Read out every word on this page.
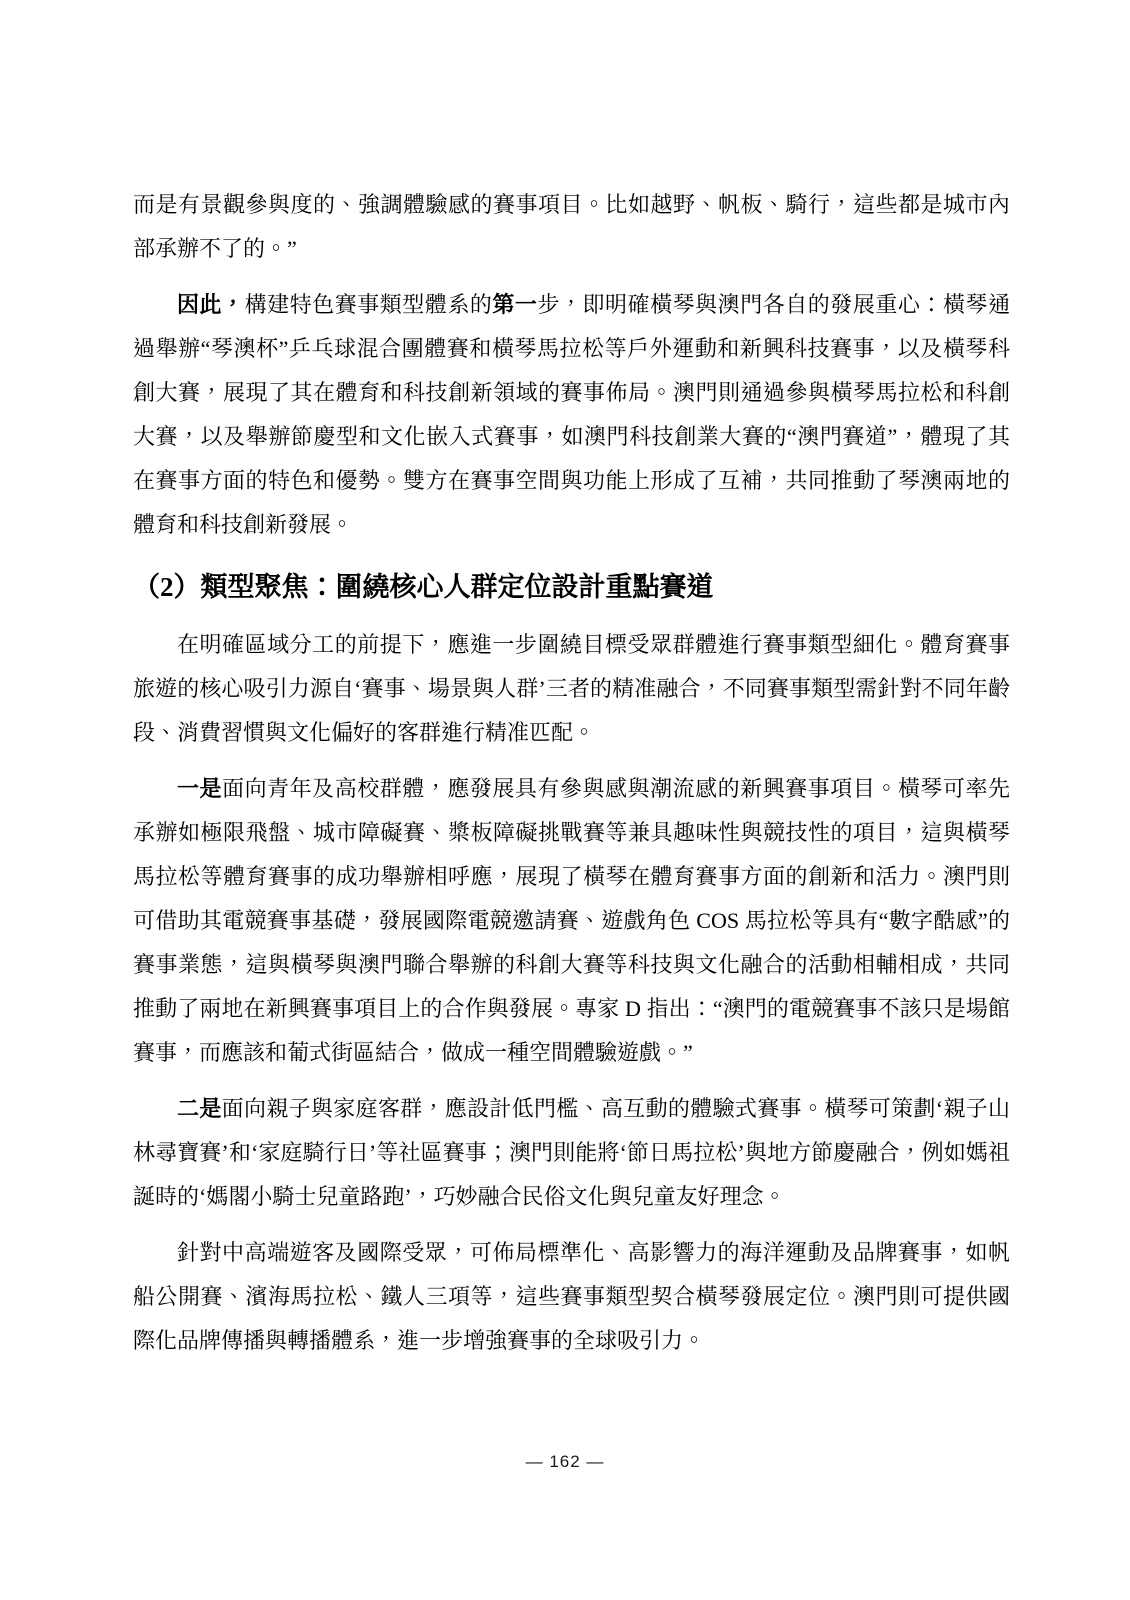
而是有景觀參與度的、強調體驗感的賽事項目。比如越野、帆板、騎行，這些都是城市內部承辦不了的。”

因此，構建特色賽事類型體系的第一步，即明確橫琴與澳門各自的發展重心：橫琴通過舉辦“琴澳杯”乒乓球混合團體賽和橫琴馬拉松等戶外運動和新興科技賽事，以及橫琴科創大賽，展現了其在體育和科技創新領域的賽事佈局。澳門則通過參與橫琴馬拉松和科創大賽，以及舉辦節慶型和文化嵌入式賽事，如澳門科技創業大賽的“澳門賽道”，體現了其在賽事方面的特色和優勢。雙方在賽事空間與功能上形成了互補，共同推動了琴澳兩地的體育和科技創新發展。

（2）類型聚焦：圍繞核心人群定位設計重點賽道

在明確區域分工的前提下，應進一步圍繞目標受眾群體進行賽事類型細化。體育賽事旅遊的核心吸引力源自‘賽事、場景與人群’三者的精准融合，不同賽事類型需針對不同年齡段、消費習慣與文化偏好的客群進行精准匹配。

一是面向青年及高校群體，應發展具有參與感與潮流感的新興賽事項目。橫琴可率先承辦如極限飛盤、城市障礙賽、槳板障礙挑戰賽等兼具趣味性與競技性的項目，這與橫琴馬拉松等體育賽事的成功舉辦相呼應，展現了橫琴在體育賽事方面的創新和活力。澳門則可借助其電競賽事基礎，發展國際電競邀請賽、遊戲角色 COS 馬拉松等具有“數字酷感”的賽事業態，這與橫琴與澳門聯合舉辦的科創大賽等科技與文化融合的活動相輔相成，共同推動了兩地在新興賽事項目上的合作與發展。專家 D 指出：“澳門的電競賽事不該只是場館賽事，而應該和葡式街區結合，做成一種空間體驗遊戲。”

二是面向親子與家庭客群，應設計低門檻、高互動的體驗式賽事。橫琴可策劃‘親子山林尋寶賽’和‘家庭騎行日’等社區賽事；澳門則能將‘節日馬拉松’與地方節慶融合，例如媽祖誕時的‘媽閣小騎士兒童路跑’，巧妙融合民俗文化與兒童友好理念。

針對中高端遊客及國際受眾，可佈局標準化、高影響力的海洋運動及品牌賽事，如帆船公開賽、濱海馬拉松、鐵人三項等，這些賽事類型契合橫琴發展定位。澳門則可提供國際化品牌傳播與轉播體系，進一步增強賽事的全球吸引力。

— 162 —
